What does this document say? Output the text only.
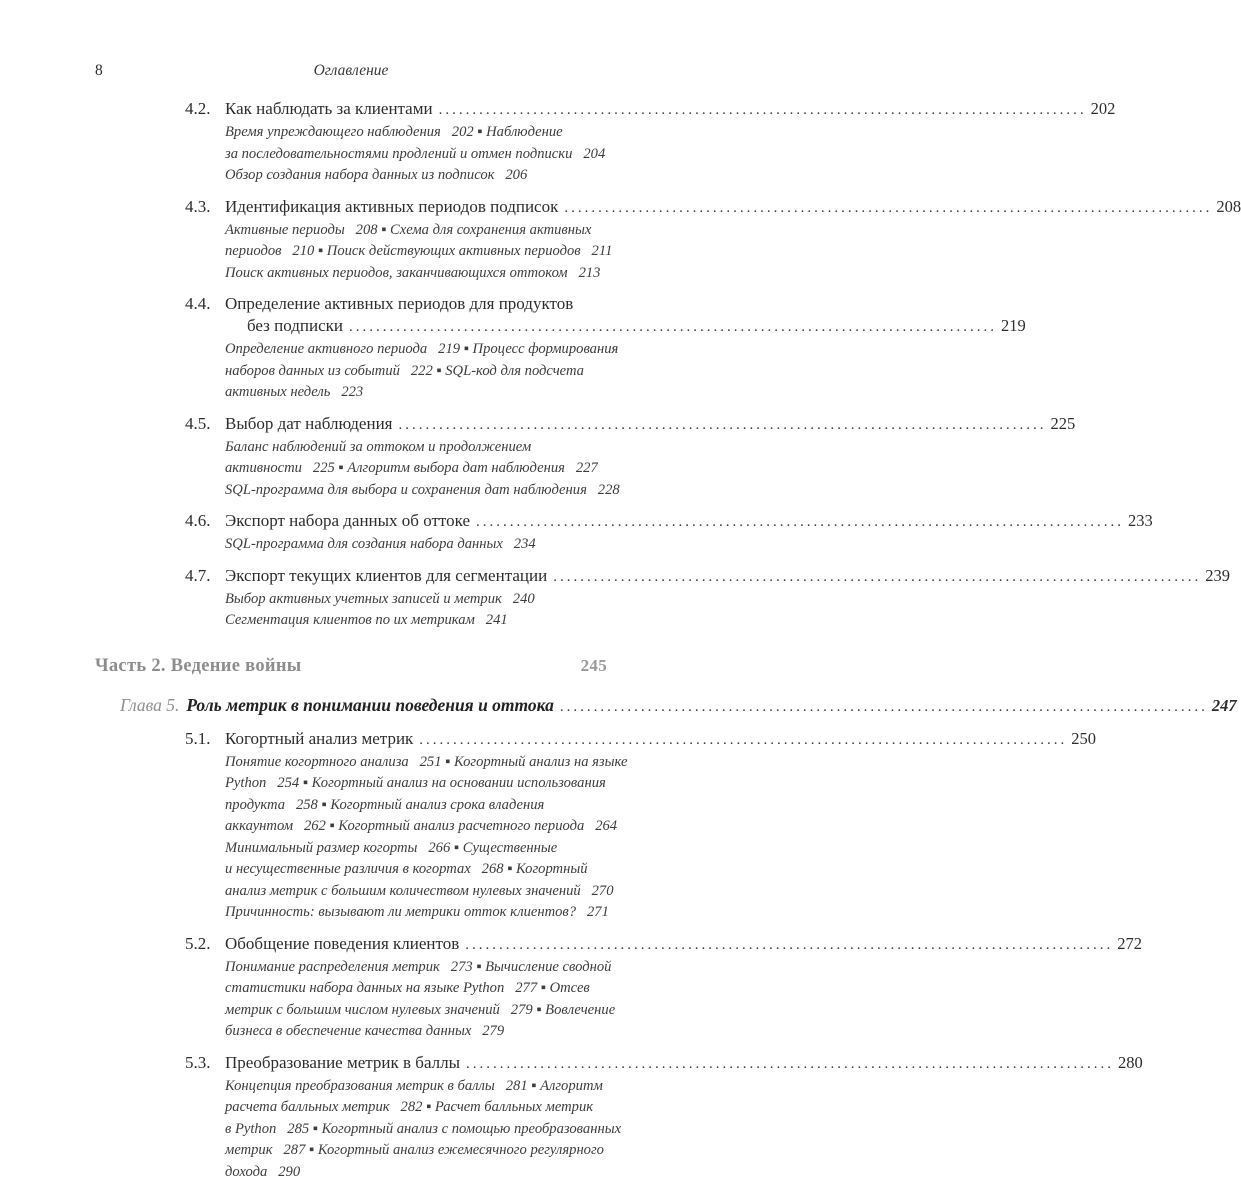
8	Оглавление
4.2. Как наблюдать за клиентами .....	202
Время упреждающего наблюдения   202 ▪ Наблюдение
за последовательностями продлений и отмен подписки   204
Обзор создания набора данных из подписок   206
4.3. Идентификация активных периодов подписок .....	208
Активные периоды   208 ▪ Схема для сохранения активных
периодов   210 ▪ Поиск действующих активных периодов   211
Поиск активных периодов, заканчивающихся оттоком   213
4.4. Определение активных периодов для продуктов
без подписки .....	219
Определение активного периода   219 ▪ Процесс формирования
наборов данных из событий   222 ▪ SQL-код для подсчета
активных недель   223
4.5. Выбор дат наблюдения .....	225
Баланс наблюдений за оттоком и продолжением
активности   225 ▪ Алгоритм выбора дат наблюдения   227
SQL-программа для выбора и сохранения дат наблюдения   228
4.6. Экспорт набора данных об оттоке .....	233
SQL-программа для создания набора данных   234
4.7. Экспорт текущих клиентов для сегментации .....	239
Выбор активных учетных записей и метрик   240
Сегментация клиентов по их метрикам   241
Часть 2. Ведение войны	245
Глава 5. Роль метрик в понимании поведения и оттока .....	247
5.1. Когортный анализ метрик .....	250
Понятие когортного анализа   251 ▪ Когортный анализ на языке
Python   254 ▪ Когортный анализ на основании использования
продукта   258 ▪ Когортный анализ срока владения
аккаунтом   262 ▪ Когортный анализ расчетного периода   264
Минимальный размер когорты   266 ▪ Существенные
и несущественные различия в когортах   268 ▪ Когортный
анализ метрик с большим количеством нулевых значений   270
Причинность: вызывают ли метрики отток клиентов?   271
5.2. Обобщение поведения клиентов .....	272
Понимание распределения метрик   273 ▪ Вычисление сводной
статистики набора данных на языке Python   277 ▪ Отсев
метрик с большим числом нулевых значений   279 ▪ Вовлечение
бизнеса в обеспечение качества данных   279
5.3. Преобразование метрик в баллы .....	280
Концепция преобразования метрик в баллы   281 ▪ Алгоритм
расчета балльных метрик   282 ▪ Расчет балльных метрик
в Python   285 ▪ Когортный анализ с помощью преобразованных
метрик   287 ▪ Когортный анализ ежемесячного регулярного
дохода   290
